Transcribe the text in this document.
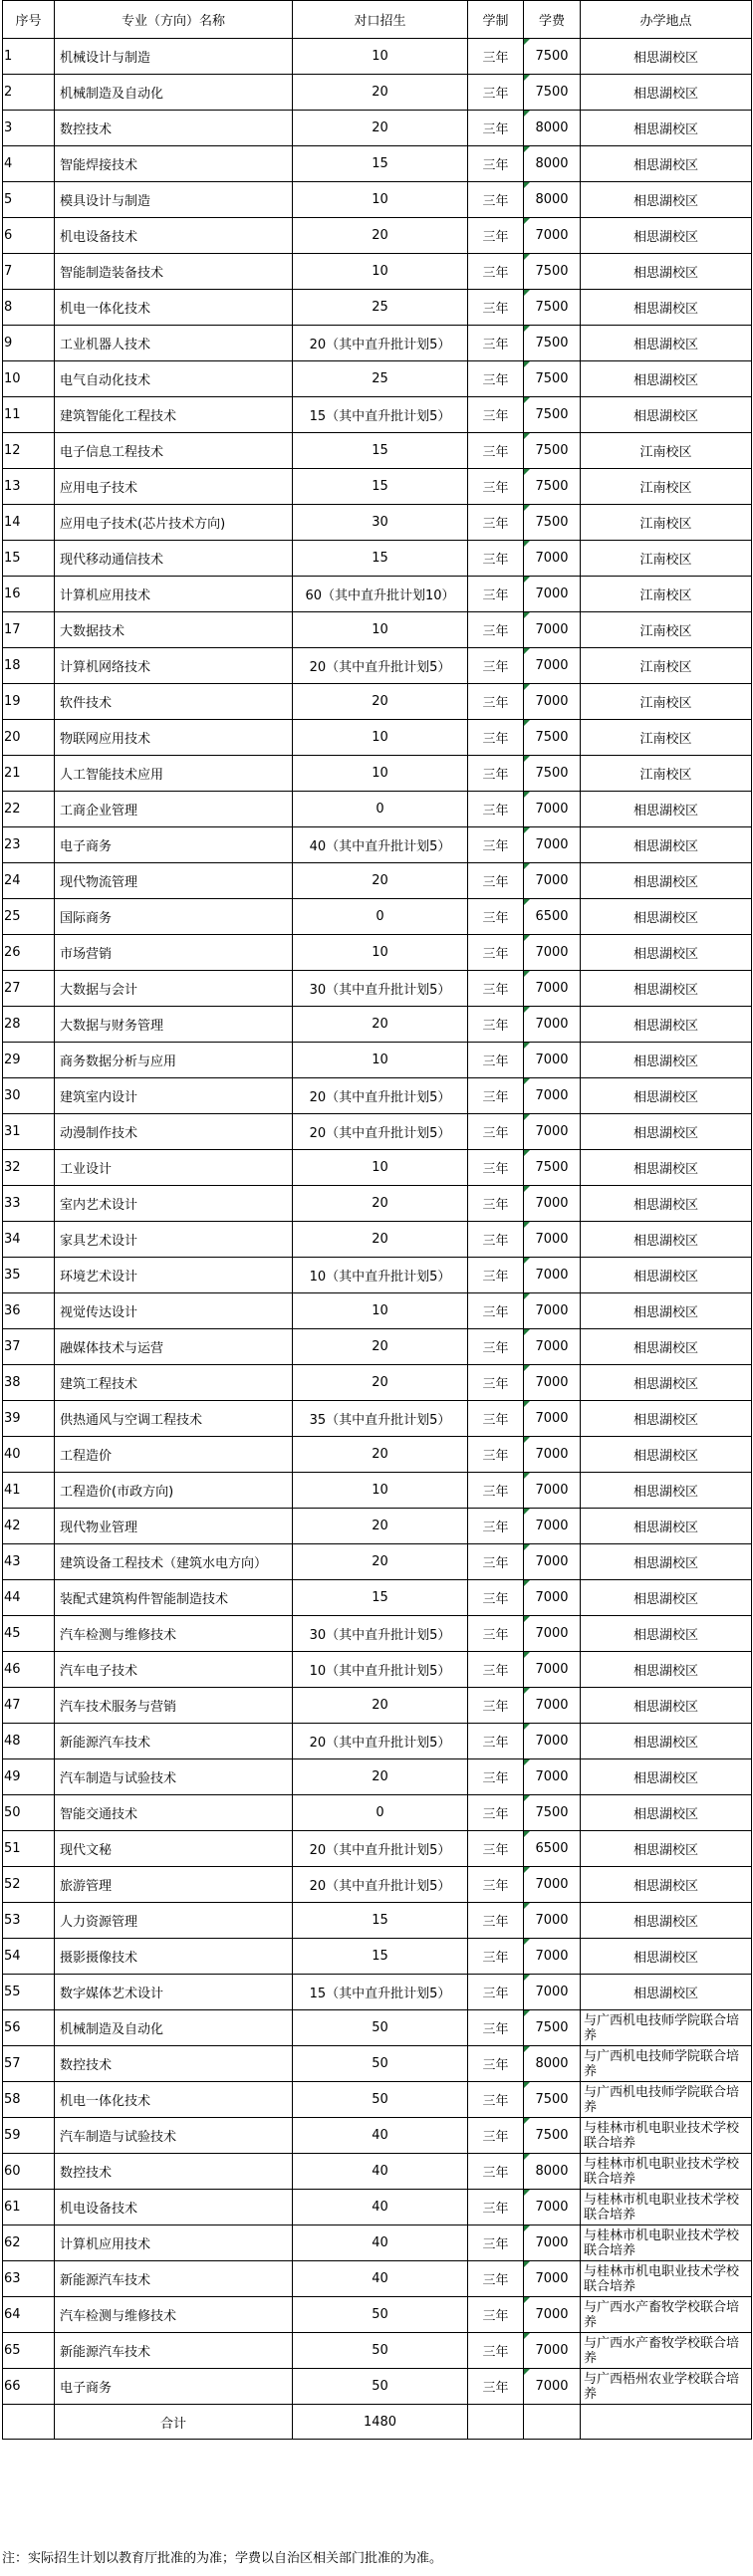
序号	专业（方向）名称	对口招生	学制	学费	办学地点
1	机械设计与制造	10	三年	7500	相思湖校区
2	机械制造及自动化	20	三年	7500	相思湖校区
3	数控技术	20	三年	8000	相思湖校区
4	智能焊接技术	15	三年	8000	相思湖校区
5	模具设计与制造	10	三年	8000	相思湖校区
6	机电设备技术	20	三年	7000	相思湖校区
7	智能制造装备技术	10	三年	7500	相思湖校区
8	机电一体化技术	25	三年	7500	相思湖校区
9	工业机器人技术	20（其中直升批计划5）	三年	7500	相思湖校区
10	电气自动化技术	25	三年	7500	相思湖校区
11	建筑智能化工程技术	15（其中直升批计划5）	三年	7500	相思湖校区
12	电子信息工程技术	15	三年	7500	江南校区
13	应用电子技术	15	三年	7500	江南校区
14	应用电子技术(芯片技术方向)	30	三年	7500	江南校区
15	现代移动通信技术	15	三年	7000	江南校区
16	计算机应用技术	60（其中直升批计划10）	三年	7000	江南校区
17	大数据技术	10	三年	7000	江南校区
18	计算机网络技术	20（其中直升批计划5）	三年	7000	江南校区
19	软件技术	20	三年	7000	江南校区
20	物联网应用技术	10	三年	7500	江南校区
21	人工智能技术应用	10	三年	7500	江南校区
22	工商企业管理	0	三年	7000	相思湖校区
23	电子商务	40（其中直升批计划5）	三年	7000	相思湖校区
24	现代物流管理	20	三年	7000	相思湖校区
25	国际商务	0	三年	6500	相思湖校区
26	市场营销	10	三年	7000	相思湖校区
27	大数据与会计	30（其中直升批计划5）	三年	7000	相思湖校区
28	大数据与财务管理	20	三年	7000	相思湖校区
29	商务数据分析与应用	10	三年	7000	相思湖校区
30	建筑室内设计	20（其中直升批计划5）	三年	7000	相思湖校区
31	动漫制作技术	20（其中直升批计划5）	三年	7000	相思湖校区
32	工业设计	10	三年	7500	相思湖校区
33	室内艺术设计	20	三年	7000	相思湖校区
34	家具艺术设计	20	三年	7000	相思湖校区
35	环境艺术设计	10（其中直升批计划5）	三年	7000	相思湖校区
36	视觉传达设计	10	三年	7000	相思湖校区
37	融媒体技术与运营	20	三年	7000	相思湖校区
38	建筑工程技术	20	三年	7000	相思湖校区
39	供热通风与空调工程技术	35（其中直升批计划5）	三年	7000	相思湖校区
40	工程造价	20	三年	7000	相思湖校区
41	工程造价(市政方向)	10	三年	7000	相思湖校区
42	现代物业管理	20	三年	7000	相思湖校区
43	建筑设备工程技术（建筑水电方向）	20	三年	7000	相思湖校区
44	装配式建筑构件智能制造技术	15	三年	7000	相思湖校区
45	汽车检测与维修技术	30（其中直升批计划5）	三年	7000	相思湖校区
46	汽车电子技术	10（其中直升批计划5）	三年	7000	相思湖校区
47	汽车技术服务与营销	20	三年	7000	相思湖校区
48	新能源汽车技术	20（其中直升批计划5）	三年	7000	相思湖校区
49	汽车制造与试验技术	20	三年	7000	相思湖校区
50	智能交通技术	0	三年	7500	相思湖校区
51	现代文秘	20（其中直升批计划5）	三年	6500	相思湖校区
52	旅游管理	20（其中直升批计划5）	三年	7000	相思湖校区
53	人力资源管理	15	三年	7000	相思湖校区
54	摄影摄像技术	15	三年	7000	相思湖校区
55	数字媒体艺术设计	15（其中直升批计划5）	三年	7000	相思湖校区
56	机械制造及自动化	50	三年	7500	与广西机电技师学院联合培养
57	数控技术	50	三年	8000	与广西机电技师学院联合培养
58	机电一体化技术	50	三年	7500	与广西机电技师学院联合培养
59	汽车制造与试验技术	40	三年	7500	与桂林市机电职业技术学校联合培养
60	数控技术	40	三年	8000	与桂林市机电职业技术学校联合培养
61	机电设备技术	40	三年	7000	与桂林市机电职业技术学校联合培养
62	计算机应用技术	40	三年	7000	与桂林市机电职业技术学校联合培养
63	新能源汽车技术	40	三年	7000	与桂林市机电职业技术学校联合培养
64	汽车检测与维修技术	50	三年	7000	与广西水产畜牧学校联合培养
65	新能源汽车技术	50	三年	7000	与广西水产畜牧学校联合培养
66	电子商务	50	三年	7000	与广西梧州农业学校联合培养
	合计	1480			
注：实际招生计划以教育厅批准的为准；学费以自治区相关部门批准的为准。
